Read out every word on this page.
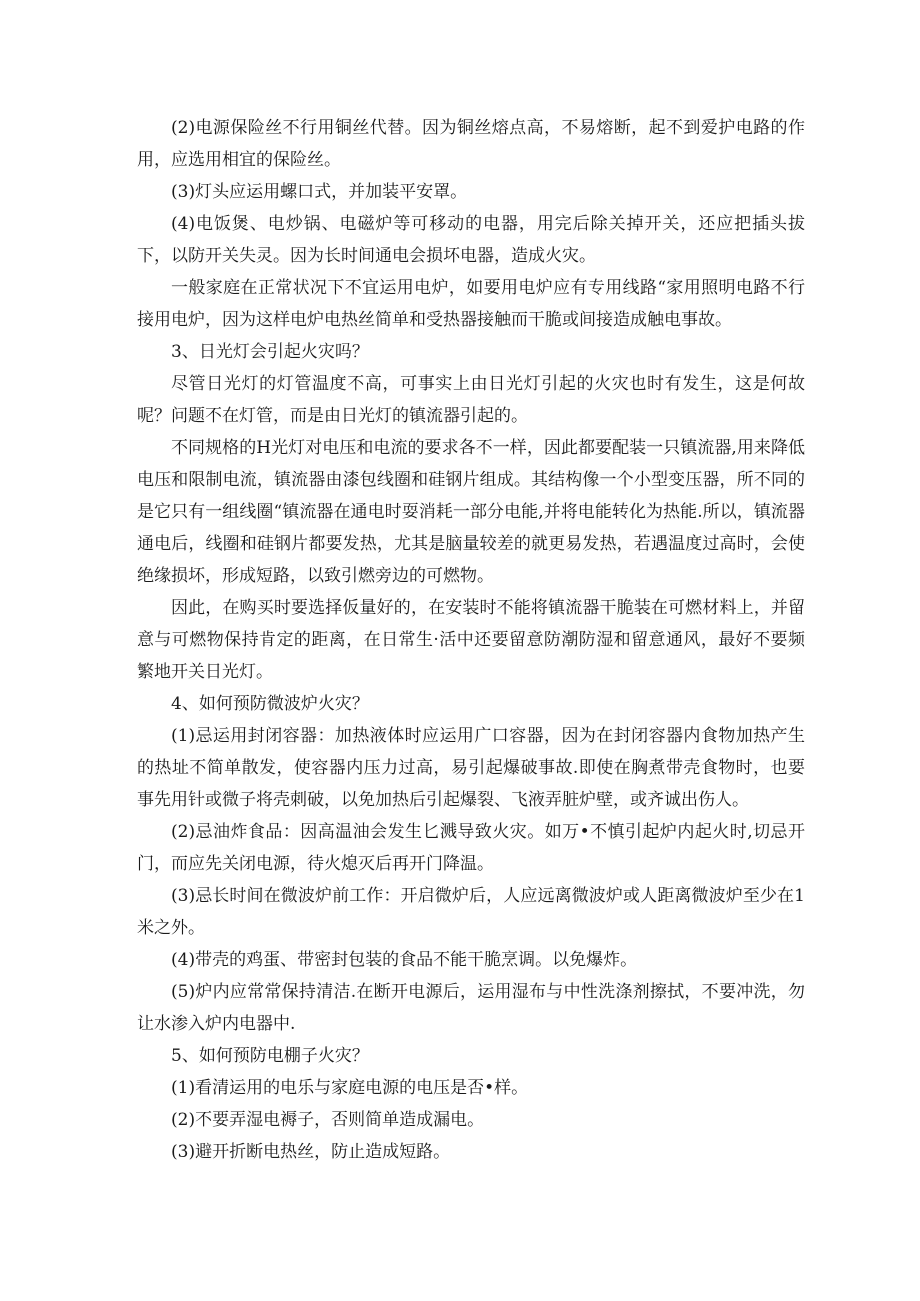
(2)电源保险丝不行用铜丝代替。因为铜丝熔点高，不易熔断，起不到爱护电路的作用，应选用相宜的保险丝。

(3)灯头应运用螺口式，并加装平安罩。

(4)电饭煲、电炒锅、电磁炉等可移动的电器，用完后除关掉开关，还应把插头拔下，以防开关失灵。因为长时间通电会损坏电器，造成火灾。

一般家庭在正常状况下不宜运用电炉，如要用电炉应有专用线路“家用照明电路不行接用电炉，因为这样电炉电热丝简单和受热器接触而干脆或间接造成触电事故。

3、日光灯会引起火灾吗？

尽管日光灯的灯管温度不高，可事实上由日光灯引起的火灾也时有发生，这是何故呢？问题不在灯管，而是由日光灯的镇流器引起的。

不同规格的H光灯对电压和电流的要求各不一样，因此都要配装一只镇流器,用来降低电压和限制电流，镇流器由漆包线圈和硅钢片组成。其结构像一个小型变压器，所不同的是它只有一组线圈“镇流器在通电时耍消耗一部分电能,并将电能转化为热能.所以，镇流器通电后，线圈和硅钢片都要发热，尤其是脑量较差的就更易发热，若遇温度过高时，会使绝缘损坏，形成短路，以致引燃旁边的可燃物。

因此，在购买时要选择仮量好的，在安装时不能将镇流器干脆装在可燃材料上，并留意与可燃物保持肯定的距离，在日常生·活中还要留意防潮防湿和留意通风，最好不要频繁地开关日光灯。

4、如何预防微波炉火灾？

(1)忌运用封闭容器：加热液体时应运用广口容器，因为在封闭容器内食物加热产生的热址不简单散发，使容器内压力过高，易引起爆破事故.即使在胸煮带壳食物时，也要事先用针或微子将壳刺破，以免加热后引起爆裂、飞液弄脏炉壁，或齐诚出伤人。

(2)忌油炸食品：因高温油会发生匕溅导致火灾。如万•不慎引起炉内起火时,切忌开门，而应先关闭电源，待火熄灭后再开门降温。

(3)忌长时间在微波炉前工作：开启微炉后，人应远离微波炉或人距离微波炉至少在1米之外。

(4)带壳的鸡蛋、带密封包装的食品不能干脆烹调。以免爆炸。

(5)炉内应常常保持清洁.在断开电源后，运用湿布与中性洗涤剂擦拭，不要冲洗，勿让水渗入炉内电器中.

5、如何预防电棚子火灾？

(1)看清运用的电乐与家庭电源的电压是否•样。

(2)不要弄湿电褥子，否则简单造成漏电。

(3)避开折断电热丝，防止造成短路。
